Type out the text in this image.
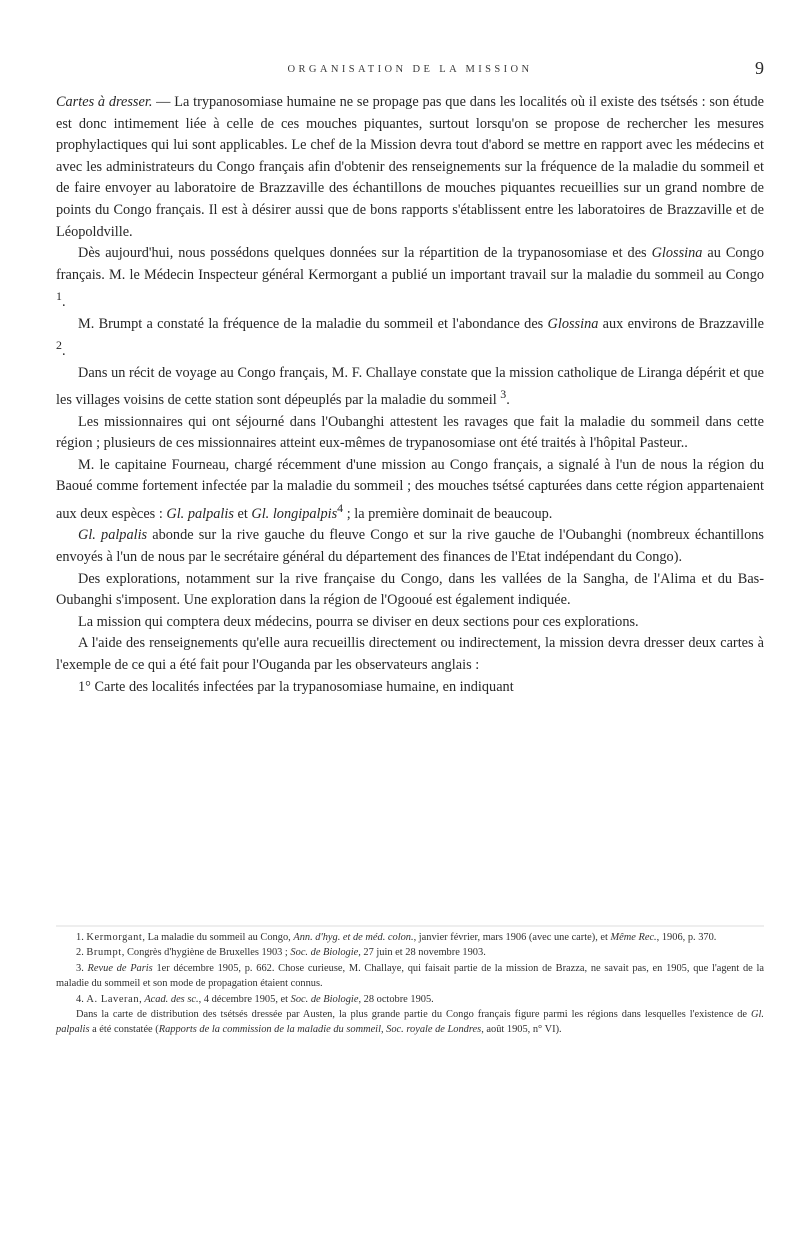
ORGANISATION DE LA MISSION	9

Cartes à dresser. — La trypanosomiase humaine ne se propage pas que dans les localités où il existe des tsétsés : son étude est donc intimement liée à celle de ces mouches piquantes, surtout lorsqu'on se propose de rechercher les mesures prophylactiques qui lui sont applicables. Le chef de la Mission devra tout d'abord se mettre en rapport avec les médecins et avec les administrateurs du Congo français afin d'obtenir des renseignements sur la fréquence de la maladie du sommeil et de faire envoyer au laboratoire de Brazzaville des échantillons de mouches piquantes recueillies sur un grand nombre de points du Congo français. Il est à désirer aussi que de bons rapports s'établissent entre les laboratoires de Brazzaville et de Léopoldville.

Dès aujourd'hui, nous possédons quelques données sur la répartition de la trypanosomiase et des Glossina au Congo français. M. le Médecin Inspecteur général Kermorgant a publié un important travail sur la maladie du sommeil au Congo $^1$.

M. Brumpt a constaté la fréquence de la maladie du sommeil et l'abondance des Glossina aux environs de Brazzaville $^2$.

Dans un récit de voyage au Congo français, M. F. Challaye constate que la mission catholique de Liranga dépérit et que les villages voisins de cette station sont dépeuplés par la maladie du sommeil $^3$.

Les missionnaires qui ont séjourné dans l'Oubanghi attestent les ravages que fait la maladie du sommeil dans cette région ; plusieurs de ces missionnaires atteint eux-mêmes de trypanosomiase ont été traités à l'hôpital Pasteur..

M. le capitaine Fourneau, chargé récemment d'une mission au Congo français, a signalé à l'un de nous la région du Baoué comme fortement infectée par la maladie du sommeil ; des mouches tsétsé capturées dans cette région appartenaient aux deux espèces : Gl. palpalis et Gl. longipalpis$^4$ ; la première dominait de beaucoup.

Gl. palpalis abonde sur la rive gauche du fleuve Congo et sur la rive gauche de l'Oubanghi (nombreux échantillons envoyés à l'un de nous par le secrétaire général du département des finances de l'Etat indépendant du Congo).

Des explorations, notamment sur la rive française du Congo, dans les vallées de la Sangha, de l'Alima et du Bas-Oubanghi s'imposent. Une exploration dans la région de l'Ogooué est également indiquée.

La mission qui comptera deux médecins, pourra se diviser en deux sections pour ces explorations.

A l'aide des renseignements qu'elle aura recueillis directement ou indirectement, la mission devra dresser deux cartes à l'exemple de ce qui a été fait pour l'Ouganda par les observateurs anglais :

1° Carte des localités infectées par la trypanosomiase humaine, en indiquant

1. Kermorgant, La maladie du sommeil au Congo, Ann. d'hyg. et de méd. colon., janvier février, mars 1906 (avec une carte), et Même Rec., 1906, p. 370.

2. Brumpt, Congrès d'hygiène de Bruxelles 1903 ; Soc. de Biologie, 27 juin et 28 novembre 1903.

3. Revue de Paris 1er décembre 1905, p. 662. Chose curieuse, M. Challaye, qui faisait partie de la mission de Brazza, ne savait pas, en 1905, que l'agent de la maladie du sommeil et son mode de propagation étaient connus.

4. A. Laveran, Acad. des sc., 4 décembre 1905, et Soc. de Biologie, 28 octobre 1905.

Dans la carte de distribution des tsétsés dressée par Austen, la plus grande partie du Congo français figure parmi les régions dans lesquelles l'existence de Gl. palpalis a été constatée (Rapports de la commission de la maladie du sommeil, Soc. royale de Londres, août 1905, n° VI).
